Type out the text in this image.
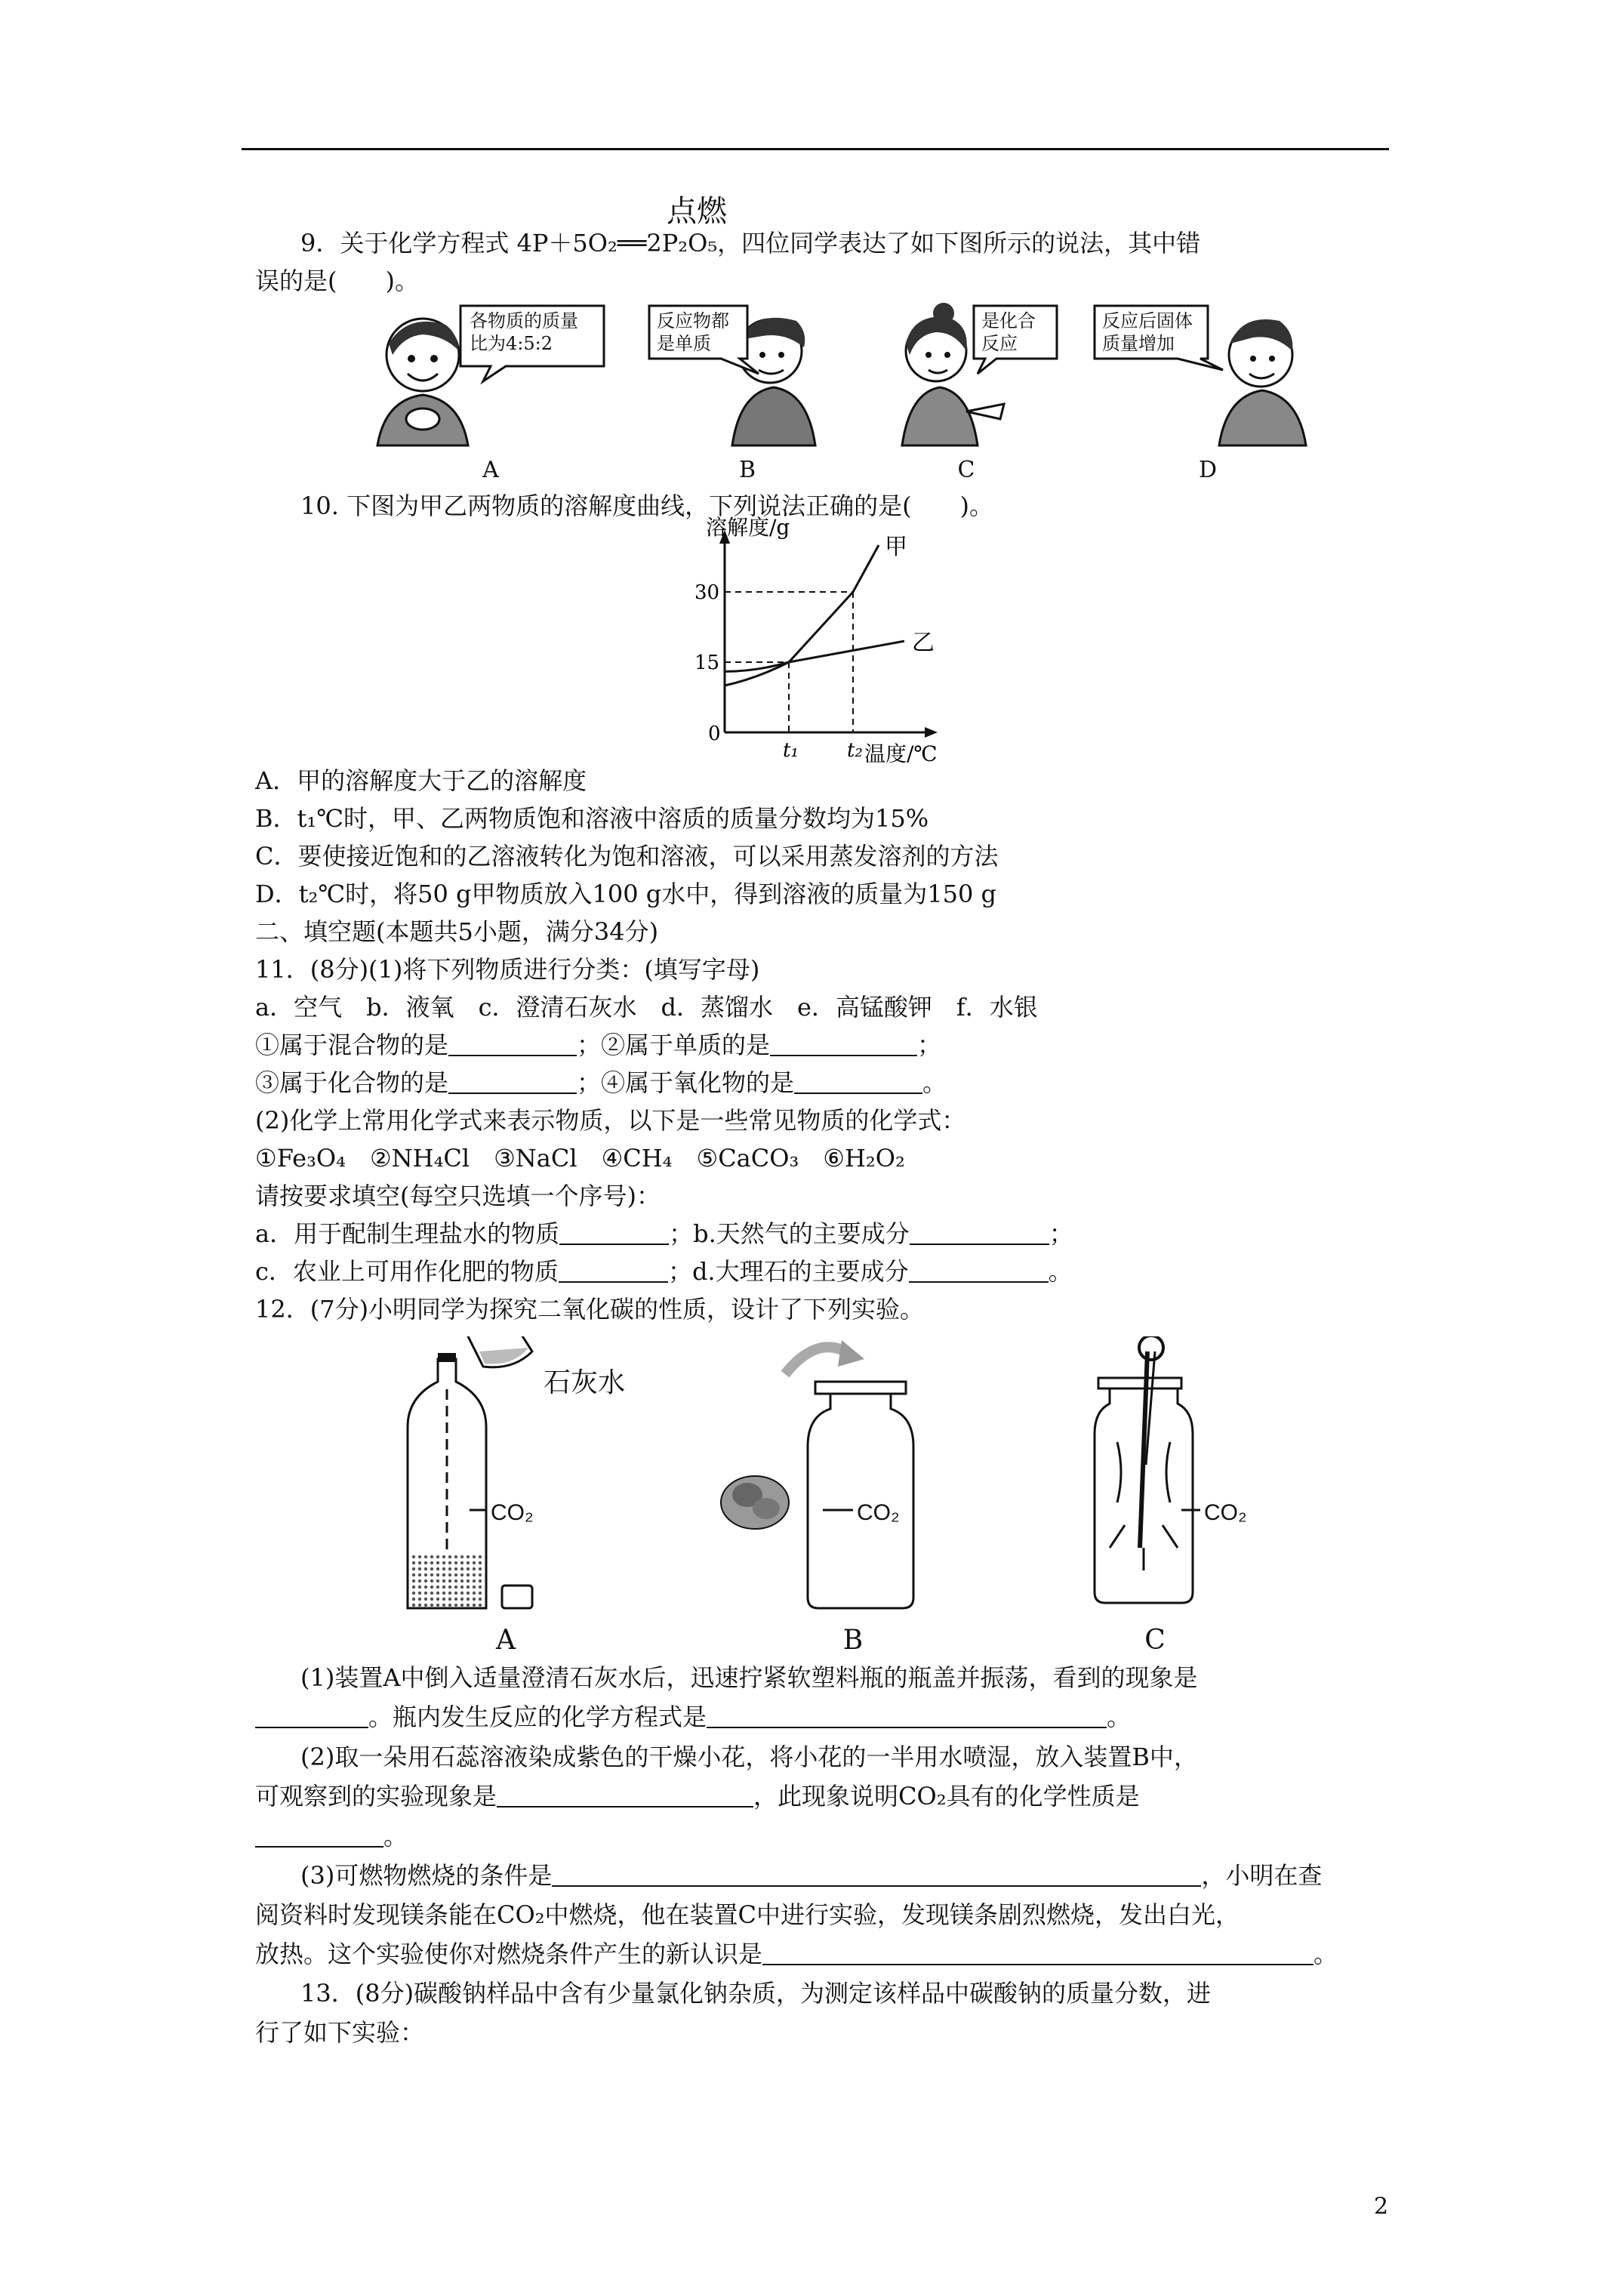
点燃
9．关于化学方程式 4P＋5O₂══2P₂O₅，四位同学表达了如下图所示的说法，其中错
误的是(　　)。
各物质的质量
比为4:5:2
反应物都
是单质
是化合
反应
反应后固体
质量增加
A	B	C	D
10. 下图为甲乙两物质的溶解度曲线，下列说法正确的是(　　)。
0
15
30
t₁ t₂
溶解度/g
温度/℃
甲
乙
A．甲的溶解度大于乙的溶解度
B．t₁℃时，甲、乙两物质饱和溶液中溶质的质量分数均为15%
C．要使接近饱和的乙溶液转化为饱和溶液，可以采用蒸发溶剂的方法
D．t₂℃时，将50 g甲物质放入100 g水中，得到溶液的质量为150 g
二、填空题(本题共5小题，满分34分)
11．(8分)(1)将下列物质进行分类：(填写字母)
a．空气　b．液氧　c．澄清石灰水　d．蒸馏水　e．高锰酸钾　f．水银
①属于混合物的是	；②属于单质的是	；
③属于化合物的是	；④属于氧化物的是	。
(2)化学上常用化学式来表示物质，以下是一些常见物质的化学式：
①Fe₃O₄　②NH₄Cl　③NaCl　④CH₄　⑤CaCO₃　⑥H₂O₂
请按要求填空(每空只选填一个序号)：
a．用于配制生理盐水的物质	；b.天然气的主要成分	；
c．农业上可用作化肥的物质	；d.大理石的主要成分	。
12．(7分)小明同学为探究二氧化碳的性质，设计了下列实验。
石灰水
CO₂	CO₂	CO₂
A	B	C
(1)装置A中倒入适量澄清石灰水后，迅速拧紧软塑料瓶的瓶盖并振荡，看到的现象是
。瓶内发生反应的化学方程式是	。
(2)取一朵用石蕊溶液染成紫色的干燥小花，将小花的一半用水喷湿，放入装置B中，
可观察到的实验现象是	，此现象说明CO₂具有的化学性质是
。
(3)可燃物燃烧的条件是	，小明在查
阅资料时发现镁条能在CO₂中燃烧，他在装置C中进行实验，发现镁条剧烈燃烧，发出白光，
放热。这个实验使你对燃烧条件产生的新认识是	。
13．(8分)碳酸钠样品中含有少量氯化钠杂质，为测定该样品中碳酸钠的质量分数，进
行了如下实验：
2
